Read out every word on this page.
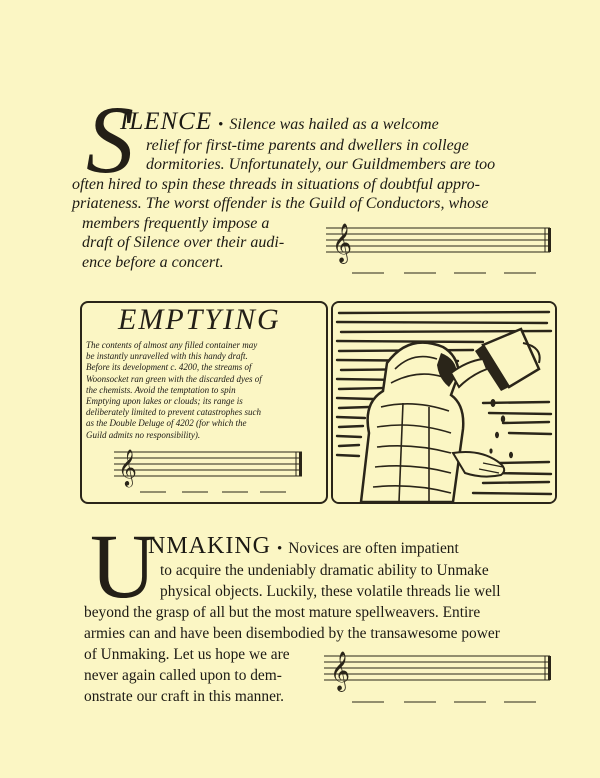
S
ILENCE • Silence was hailed as a welcome
relief for first-time parents and dwellers in college
dormitories. Unfortunately, our Guildmembers are too
often hired to spin these threads in situations of doubtful appro-
priateness. The worst offender is the Guild of Conductors, whose
members frequently impose a
draft of Silence over their audi-
ence before a concert.	𝄞
EMPTYING
The contents of almost any filled container may
be instantly unravelled with this handy draft.
Before its development c. 4200, the streams of
Woonsocket ran green with the discarded dyes of
the chemists. Avoid the temptation to spin
Emptying upon lakes or clouds; its range is
deliberately limited to prevent catastrophes such
as the Double Deluge of 4202 (for which the
Guild admits no responsibility).
𝄞
U
NMAKING • Novices are often impatient
to acquire the undeniably dramatic ability to Unmake
physical objects. Luckily, these volatile threads lie well
beyond the grasp of all but the most mature spellweavers. Entire
armies can and have been disembodied by the transawesome power
of Unmaking. Let us hope we are
never again called upon to dem-
onstrate our craft in this manner.
𝄞
